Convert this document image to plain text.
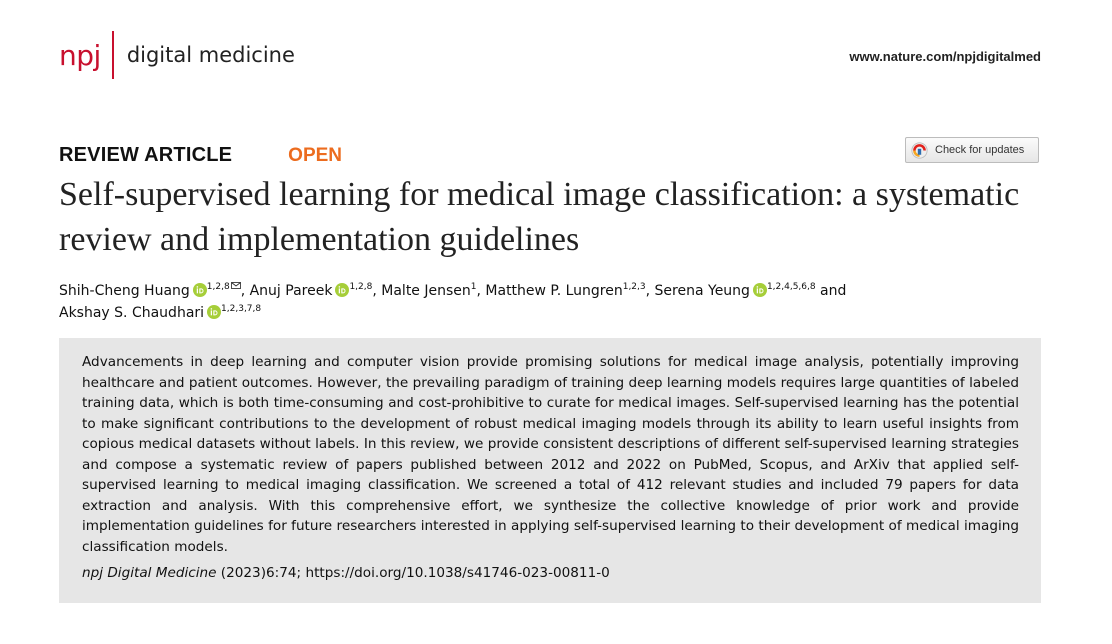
npj digital medicine	www.nature.com/npjdigitalmed
REVIEW ARTICLE	OPEN	Check for updates
Self-supervised learning for medical image classification: a systematic review and implementation guidelines
Shih-Cheng Huang $^{1,2,8}$ , Anuj Pareek $^{1,2,8}$, Malte Jensen$^1$, Matthew P. Lungren$^{1,2,3}$, Serena Yeung $^{1,2,4,5,6,8}$ and
Akshay S. Chaudhari $^{1,2,3,7,8}$

Advancements in deep learning and computer vision provide promising solutions for medical image analysis, potentially improving healthcare and patient outcomes. However, the prevailing paradigm of training deep learning models requires large quantities of labeled training data, which is both time-consuming and cost-prohibitive to curate for medical images. Self-supervised learning has the potential to make significant contributions to the development of robust medical imaging models through its ability to learn useful insights from copious medical datasets without labels. In this review, we provide consistent descriptions of different self-supervised learning strategies and compose a systematic review of papers published between 2012 and 2022 on PubMed, Scopus, and ArXiv that applied self-supervised learning to medical imaging classification. We screened a total of 412 relevant studies and included 79 papers for data extraction and analysis. With this comprehensive effort, we synthesize the collective knowledge of prior work and provide implementation guidelines for future researchers interested in applying self-supervised learning to their development of medical imaging classification models.

npj Digital Medicine (2023)6:74; https://doi.org/10.1038/s41746-023-00811-0
